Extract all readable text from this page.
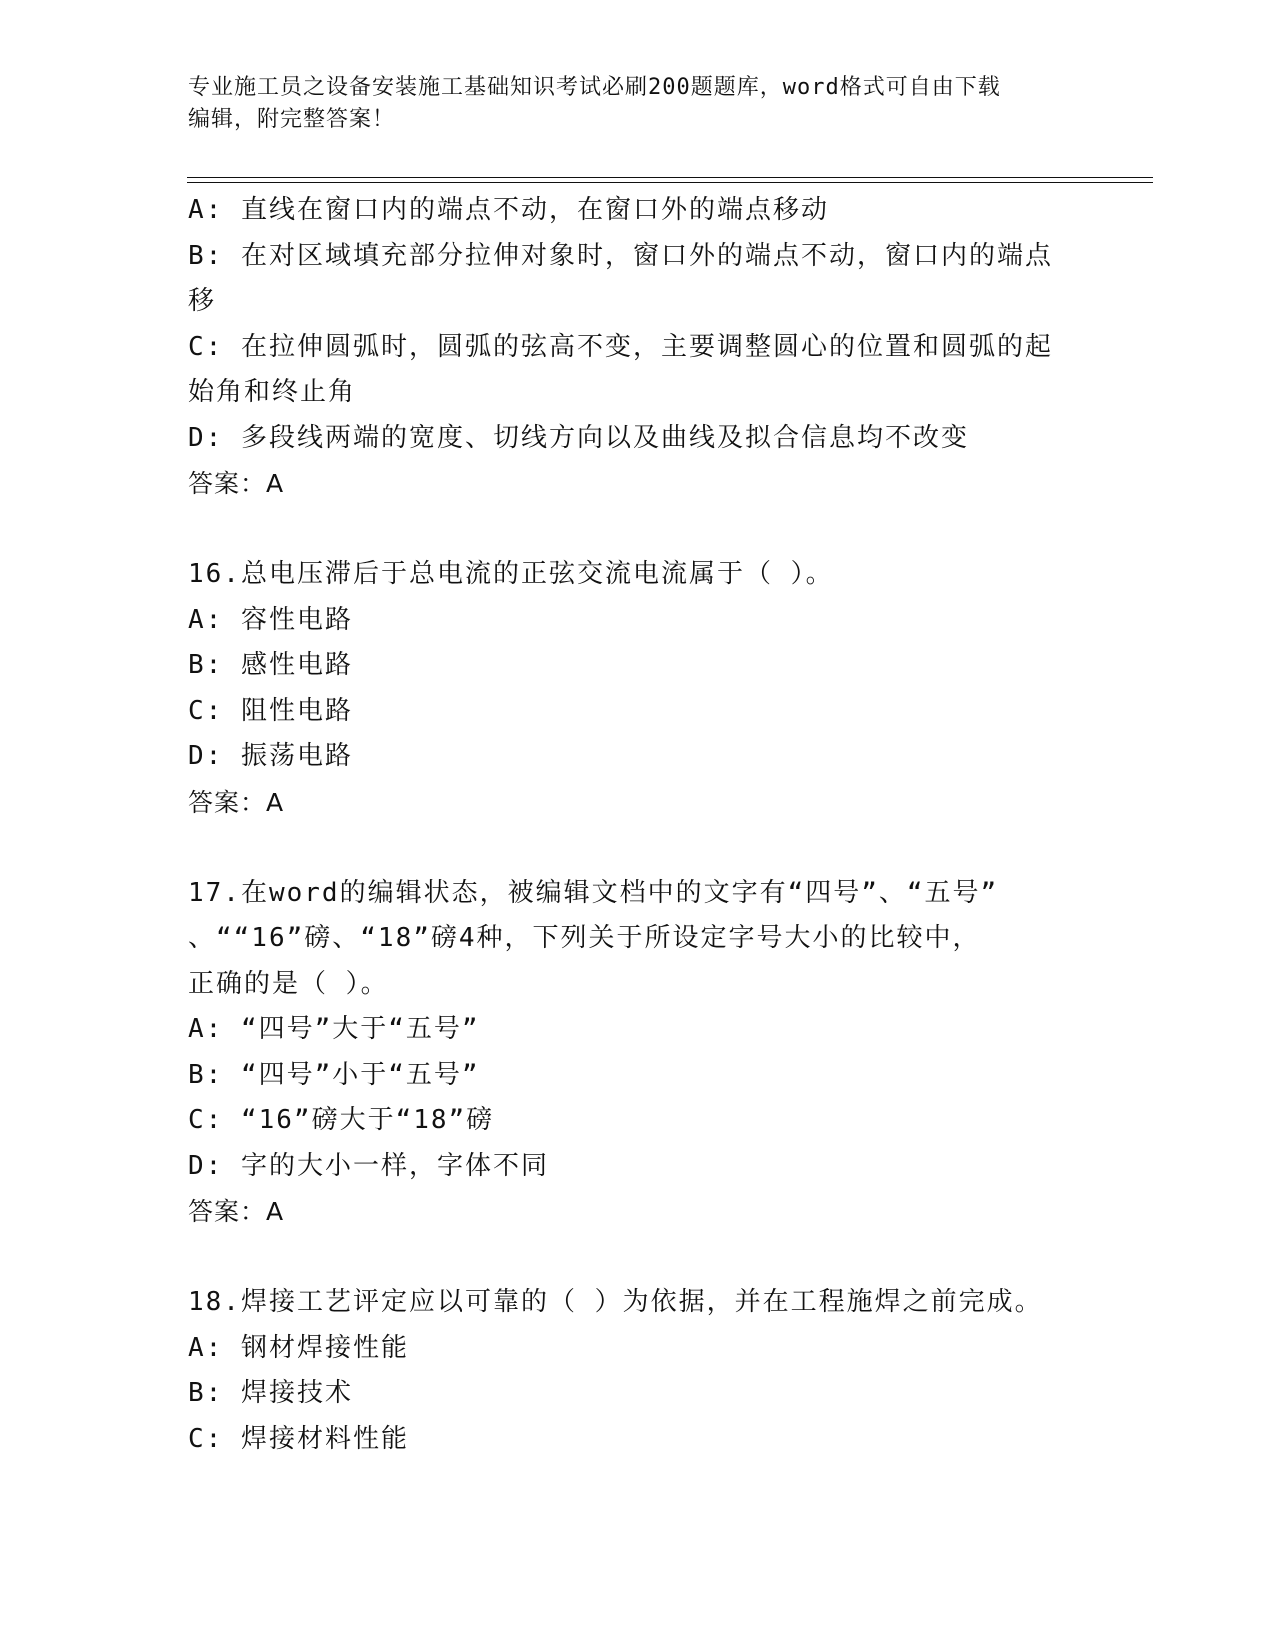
专业施工员之设备安装施工基础知识考试必刷200题题库，word格式可自由下载
编辑，附完整答案！
A: 直线在窗口内的端点不动，在窗口外的端点移动
B: 在对区域填充部分拉伸对象时，窗口外的端点不动，窗口内的端点
移
C: 在拉伸圆弧时，圆弧的弦高不变，主要调整圆心的位置和圆弧的起
始角和终止角
D: 多段线两端的宽度、切线方向以及曲线及拟合信息均不改变
答案：A
16.总电压滞后于总电流的正弦交流电流属于（ ）。
A: 容性电路
B: 感性电路
C: 阻性电路
D: 振荡电路
答案：A
17.在word的编辑状态，被编辑文档中的文字有“四号”、“五号”
、““16”磅、“18”磅4种，下列关于所设定字号大小的比较中，
正确的是（ ）。
A: “四号”大于“五号”
B: “四号”小于“五号”
C: “16”磅大于“18”磅
D: 字的大小一样，字体不同
答案：A
18.焊接工艺评定应以可靠的（ ）为依据，并在工程施焊之前完成。
A: 钢材焊接性能
B: 焊接技术
C: 焊接材料性能
